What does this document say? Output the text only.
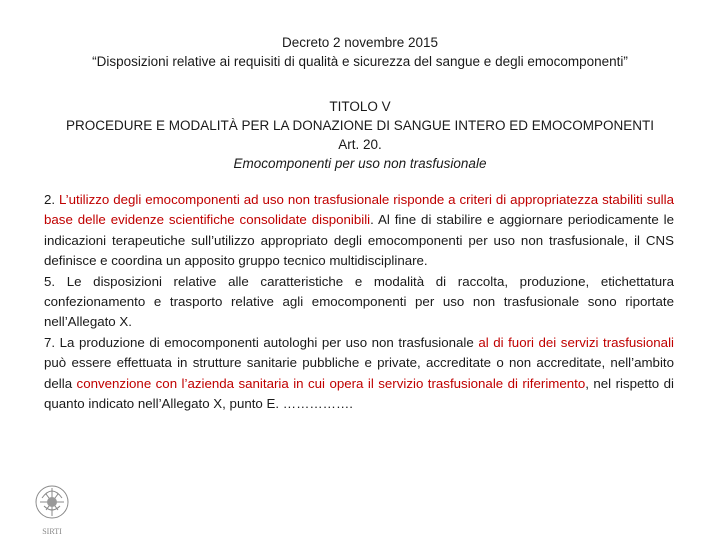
Decreto 2 novembre 2015
“Disposizioni relative ai requisiti di qualità e sicurezza del sangue e degli emocomponenti”
TITOLO V
PROCEDURE E MODALITÀ PER LA DONAZIONE DI SANGUE INTERO ED EMOCOMPONENTI
Art. 20.
Emocomponenti per uso non trasfusionale

2. L’utilizzo degli emocomponenti ad uso non trasfusionale risponde a criteri di appropriatezza stabiliti sulla base delle evidenze scientifiche consolidate disponibili. Al fine di stabilire e aggiornare periodicamente le indicazioni terapeutiche sull’utilizzo appropriato degli emocomponenti per uso non trasfusionale, il CNS definisce e coordina un apposito gruppo tecnico multidisciplinare.

5. Le disposizioni relative alle caratteristiche e modalità di raccolta, produzione, etichettatura confezionamento e trasporto relative agli emocomponenti per uso non trasfusionale sono riportate nell’Allegato X.

7. La produzione di emocomponenti autologhi per uso non trasfusionale al di fuori dei servizi trasfusionali può essere effettuata in strutture sanitarie pubbliche e private, accreditate o non accreditate, nell’ambito della convenzione con l’azienda sanitaria in cui opera il servizio trasfusionale di riferimento, nel rispetto di quanto indicato nell’Allegato X, punto E. …………….

SIRTI
